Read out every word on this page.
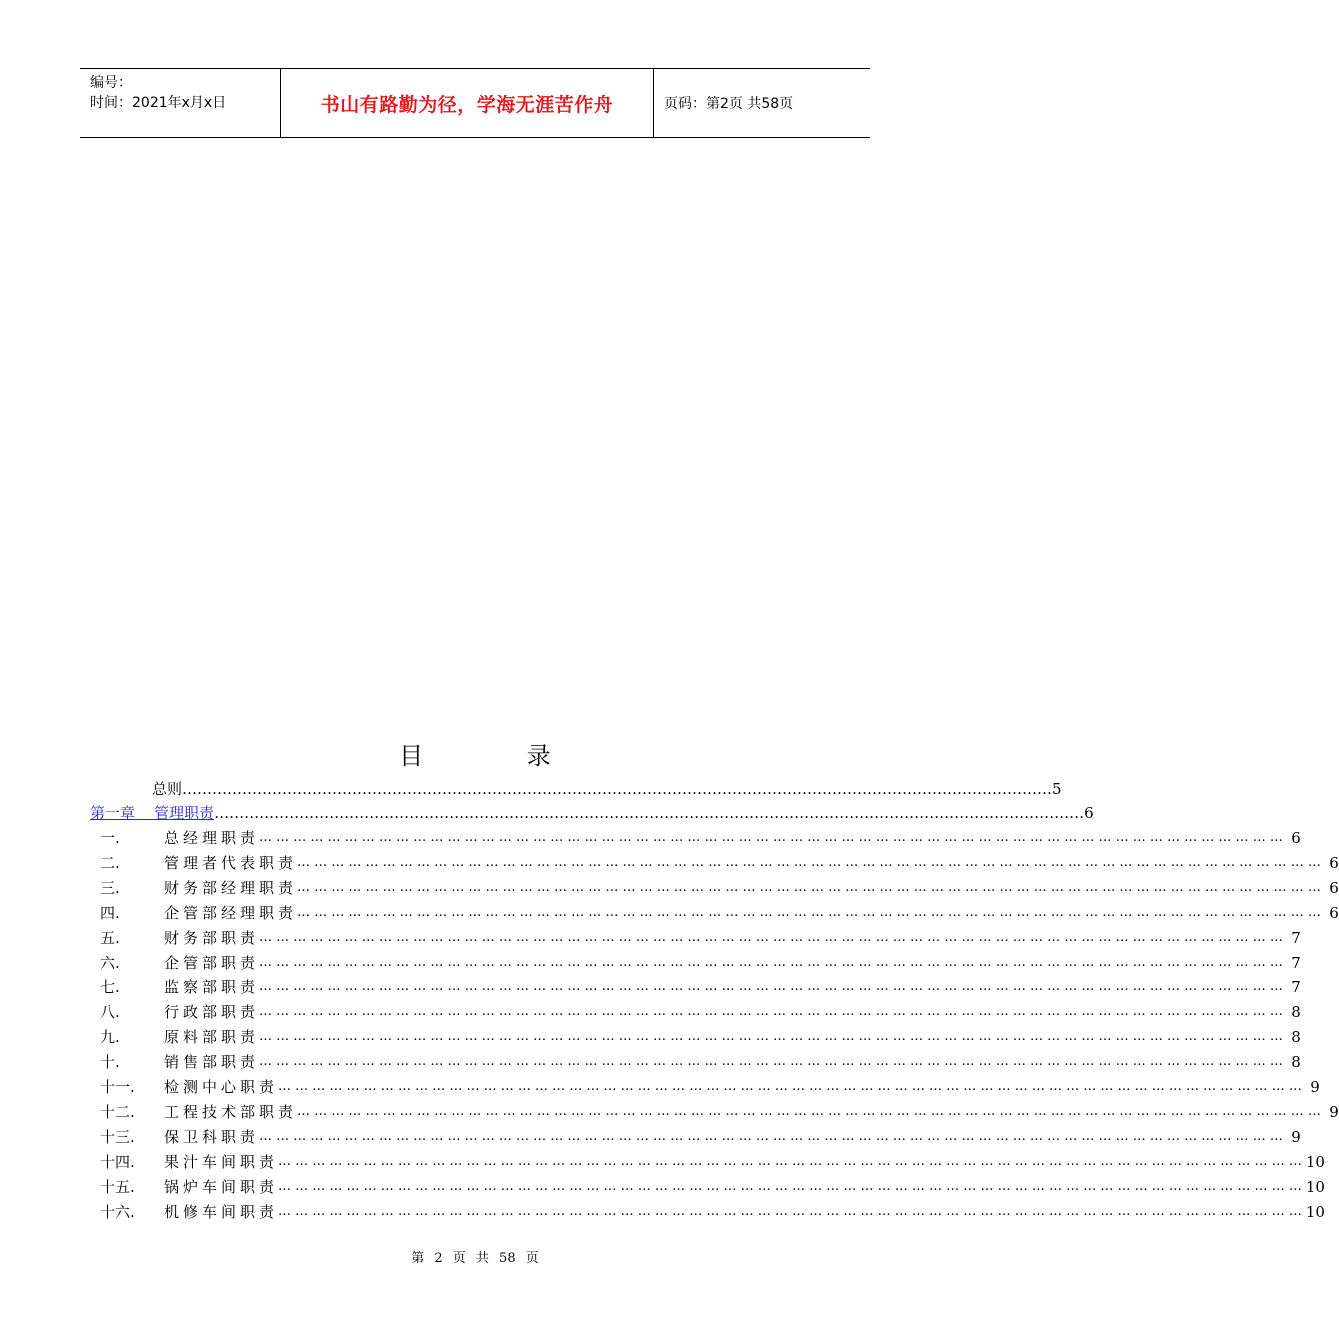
编号：
时间：2021年x月x日	书山有路勤为径，学海无涯苦作舟	页码：第2页 共58页
目 录
总则 ………………………………………………………………………………………………………………………………………………………… 5
第一章    管理职责 ………………………………………………………………………………………………………………………………………………………… 6
一.	总经理职责 … … … … … … … … … … … … … … … … … … … … … … … … … … … … … … … … … … … … … … … … … … … … … … … … … … … … … … … … … … … … 6
二.	管理者代表职责 … … … … … … … … … … … … … … … … … … … … … … … … … … … … … … … … … … … … … … … … … … … … … … … … … … … … … … … … … … … … 6
三.	财务部经理职责 … … … … … … … … … … … … … … … … … … … … … … … … … … … … … … … … … … … … … … … … … … … … … … … … … … … … … … … … … … … … 6
四.	企管部经理职责 … … … … … … … … … … … … … … … … … … … … … … … … … … … … … … … … … … … … … … … … … … … … … … … … … … … … … … … … … … … … 6
五.	财务部职责 … … … … … … … … … … … … … … … … … … … … … … … … … … … … … … … … … … … … … … … … … … … … … … … … … … … … … … … … … … … … 7
六.	企管部职责 … … … … … … … … … … … … … … … … … … … … … … … … … … … … … … … … … … … … … … … … … … … … … … … … … … … … … … … … … … … … 7
七.	监察部职责 … … … … … … … … … … … … … … … … … … … … … … … … … … … … … … … … … … … … … … … … … … … … … … … … … … … … … … … … … … … … 7
八.	行政部职责 … … … … … … … … … … … … … … … … … … … … … … … … … … … … … … … … … … … … … … … … … … … … … … … … … … … … … … … … … … … … 8
九.	原料部职责 … … … … … … … … … … … … … … … … … … … … … … … … … … … … … … … … … … … … … … … … … … … … … … … … … … … … … … … … … … … … 8
十.	销售部职责 … … … … … … … … … … … … … … … … … … … … … … … … … … … … … … … … … … … … … … … … … … … … … … … … … … … … … … … … … … … … 8
十一.	检测中心职责 … … … … … … … … … … … … … … … … … … … … … … … … … … … … … … … … … … … … … … … … … … … … … … … … … … … … … … … … … … … … 9
十二.	工程技术部职责 … … … … … … … … … … … … … … … … … … … … … … … … … … … … … … … … … … … … … … … … … … … … … … … … … … … … … … … … … … … … 9
十三.	保卫科职责 … … … … … … … … … … … … … … … … … … … … … … … … … … … … … … … … … … … … … … … … … … … … … … … … … … … … … … … … … … … … 9
十四.	果汁车间职责 … … … … … … … … … … … … … … … … … … … … … … … … … … … … … … … … … … … … … … … … … … … … … … … … … … … … … … … … … … … … 10
十五.	锅炉车间职责 … … … … … … … … … … … … … … … … … … … … … … … … … … … … … … … … … … … … … … … … … … … … … … … … … … … … … … … … … … … … 10
十六.	机修车间职责 … … … … … … … … … … … … … … … … … … … … … … … … … … … … … … … … … … … … … … … … … … … … … … … … … … … … … … … … … … … … 10
第 2 页 共 58 页
